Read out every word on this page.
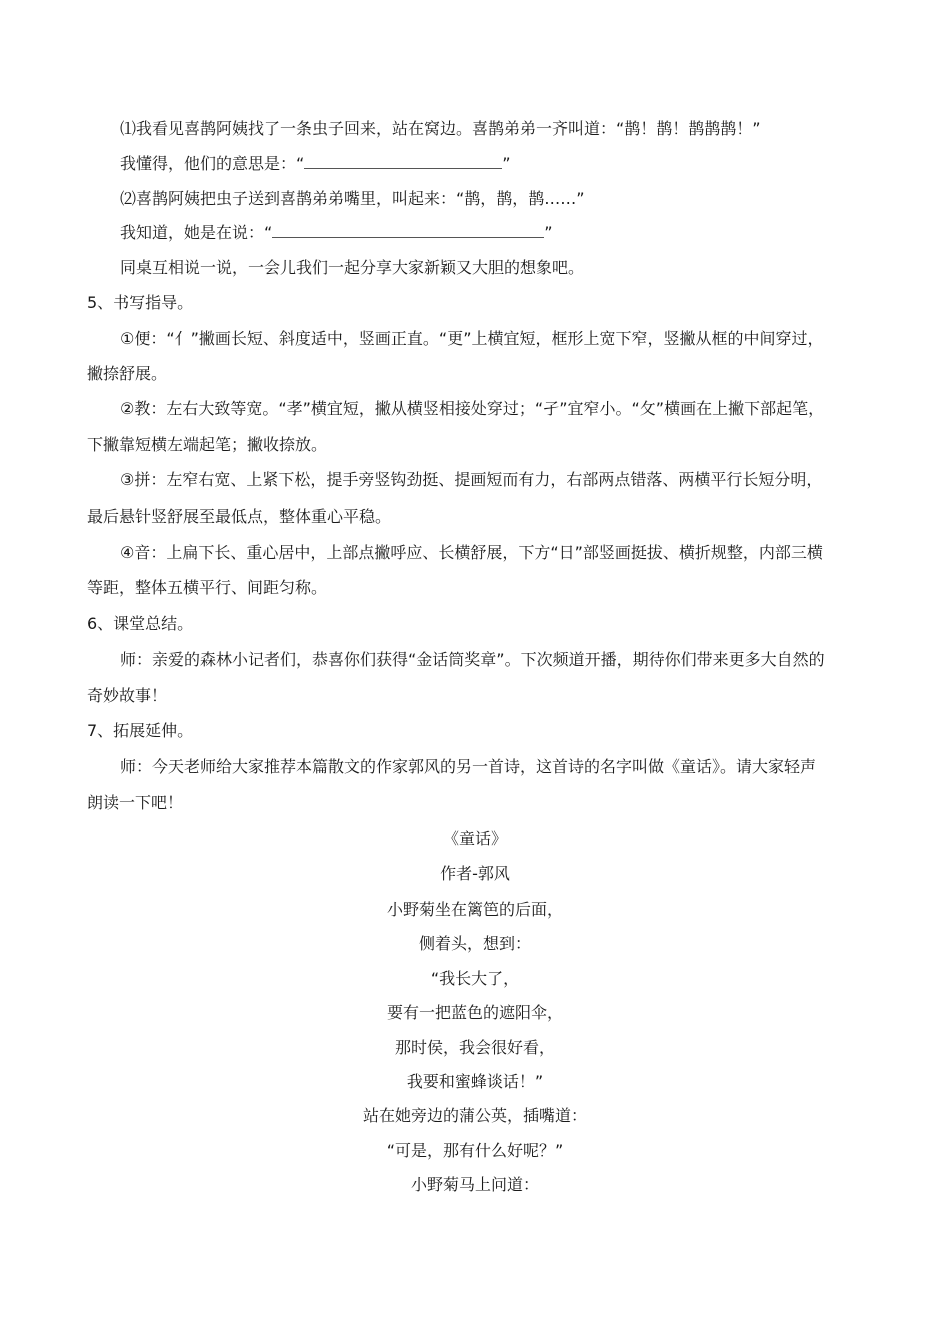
⑴我看见喜鹊阿姨找了一条虫子回来，站在窝边。喜鹊弟弟一齐叫道：“鹊！鹊！鹊鹊鹊！”
我懂得，他们的意思是：“	”
⑵喜鹊阿姨把虫子送到喜鹊弟弟嘴里，叫起来：“鹊，鹊，鹊……”
我知道，她是在说：“	”
同桌互相说一说，一会儿我们一起分享大家新颖又大胆的想象吧。
5、书写指导。
①便：“亻”撇画长短、斜度适中，竖画正直。“更”上横宜短，框形上宽下窄，竖撇从框的中间穿过，
撇捺舒展。
②教：左右大致等宽。“孝”横宜短，撇从横竖相接处穿过；“孑”宜窄小。“攵”横画在上撇下部起笔，
下撇靠短横左端起笔；撇收捺放。
③拼：左窄右宽、上紧下松，提手旁竖钩劲挺、提画短而有力，右部两点错落、两横平行长短分明，
最后悬针竖舒展至最低点，整体重心平稳。
④音：上扁下长、重心居中，上部点撇呼应、长横舒展，下方“日”部竖画挺拔、横折规整，内部三横
等距，整体五横平行、间距匀称。
6、课堂总结。
师：亲爱的森林小记者们，恭喜你们获得“金话筒奖章”。下次频道开播，期待你们带来更多大自然的
奇妙故事！
7、拓展延伸。
师：今天老师给大家推荐本篇散文的作家郭风的另一首诗，这首诗的名字叫做《童话》。请大家轻声
朗读一下吧！
《童话》
作者-郭风
小野菊坐在篱笆的后面，
侧着头，想到：
“我长大了，
要有一把蓝色的遮阳伞，
那时侯，我会很好看，
我要和蜜蜂谈话！”
站在她旁边的蒲公英，插嘴道：
“可是，那有什么好呢？”
小野菊马上问道：
